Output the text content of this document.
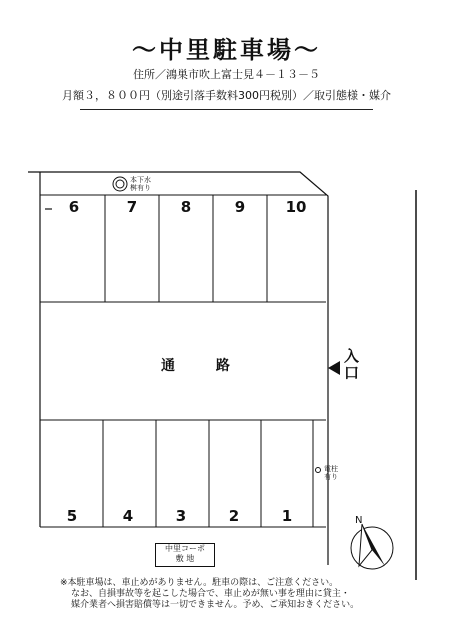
～中里駐車場～
住所／鴻巣市吹上富士見４－１３－５
月額３，８００円（別途引落手数料300円税別）／取引態様・媒介
本下水
桝有り
6	7	8	9	10
通 路
入
口
電柱
有り
5	4	3	2	1	N
中里コーポ
敷 地
※本駐車場は、車止めがありません。駐車の際は、ご注意ください。
なお、自損事故等を起こした場合で、車止めが無い事を理由に貸主・
媒介業者へ損害賠償等は一切できません。予め、ご承知おきください。
